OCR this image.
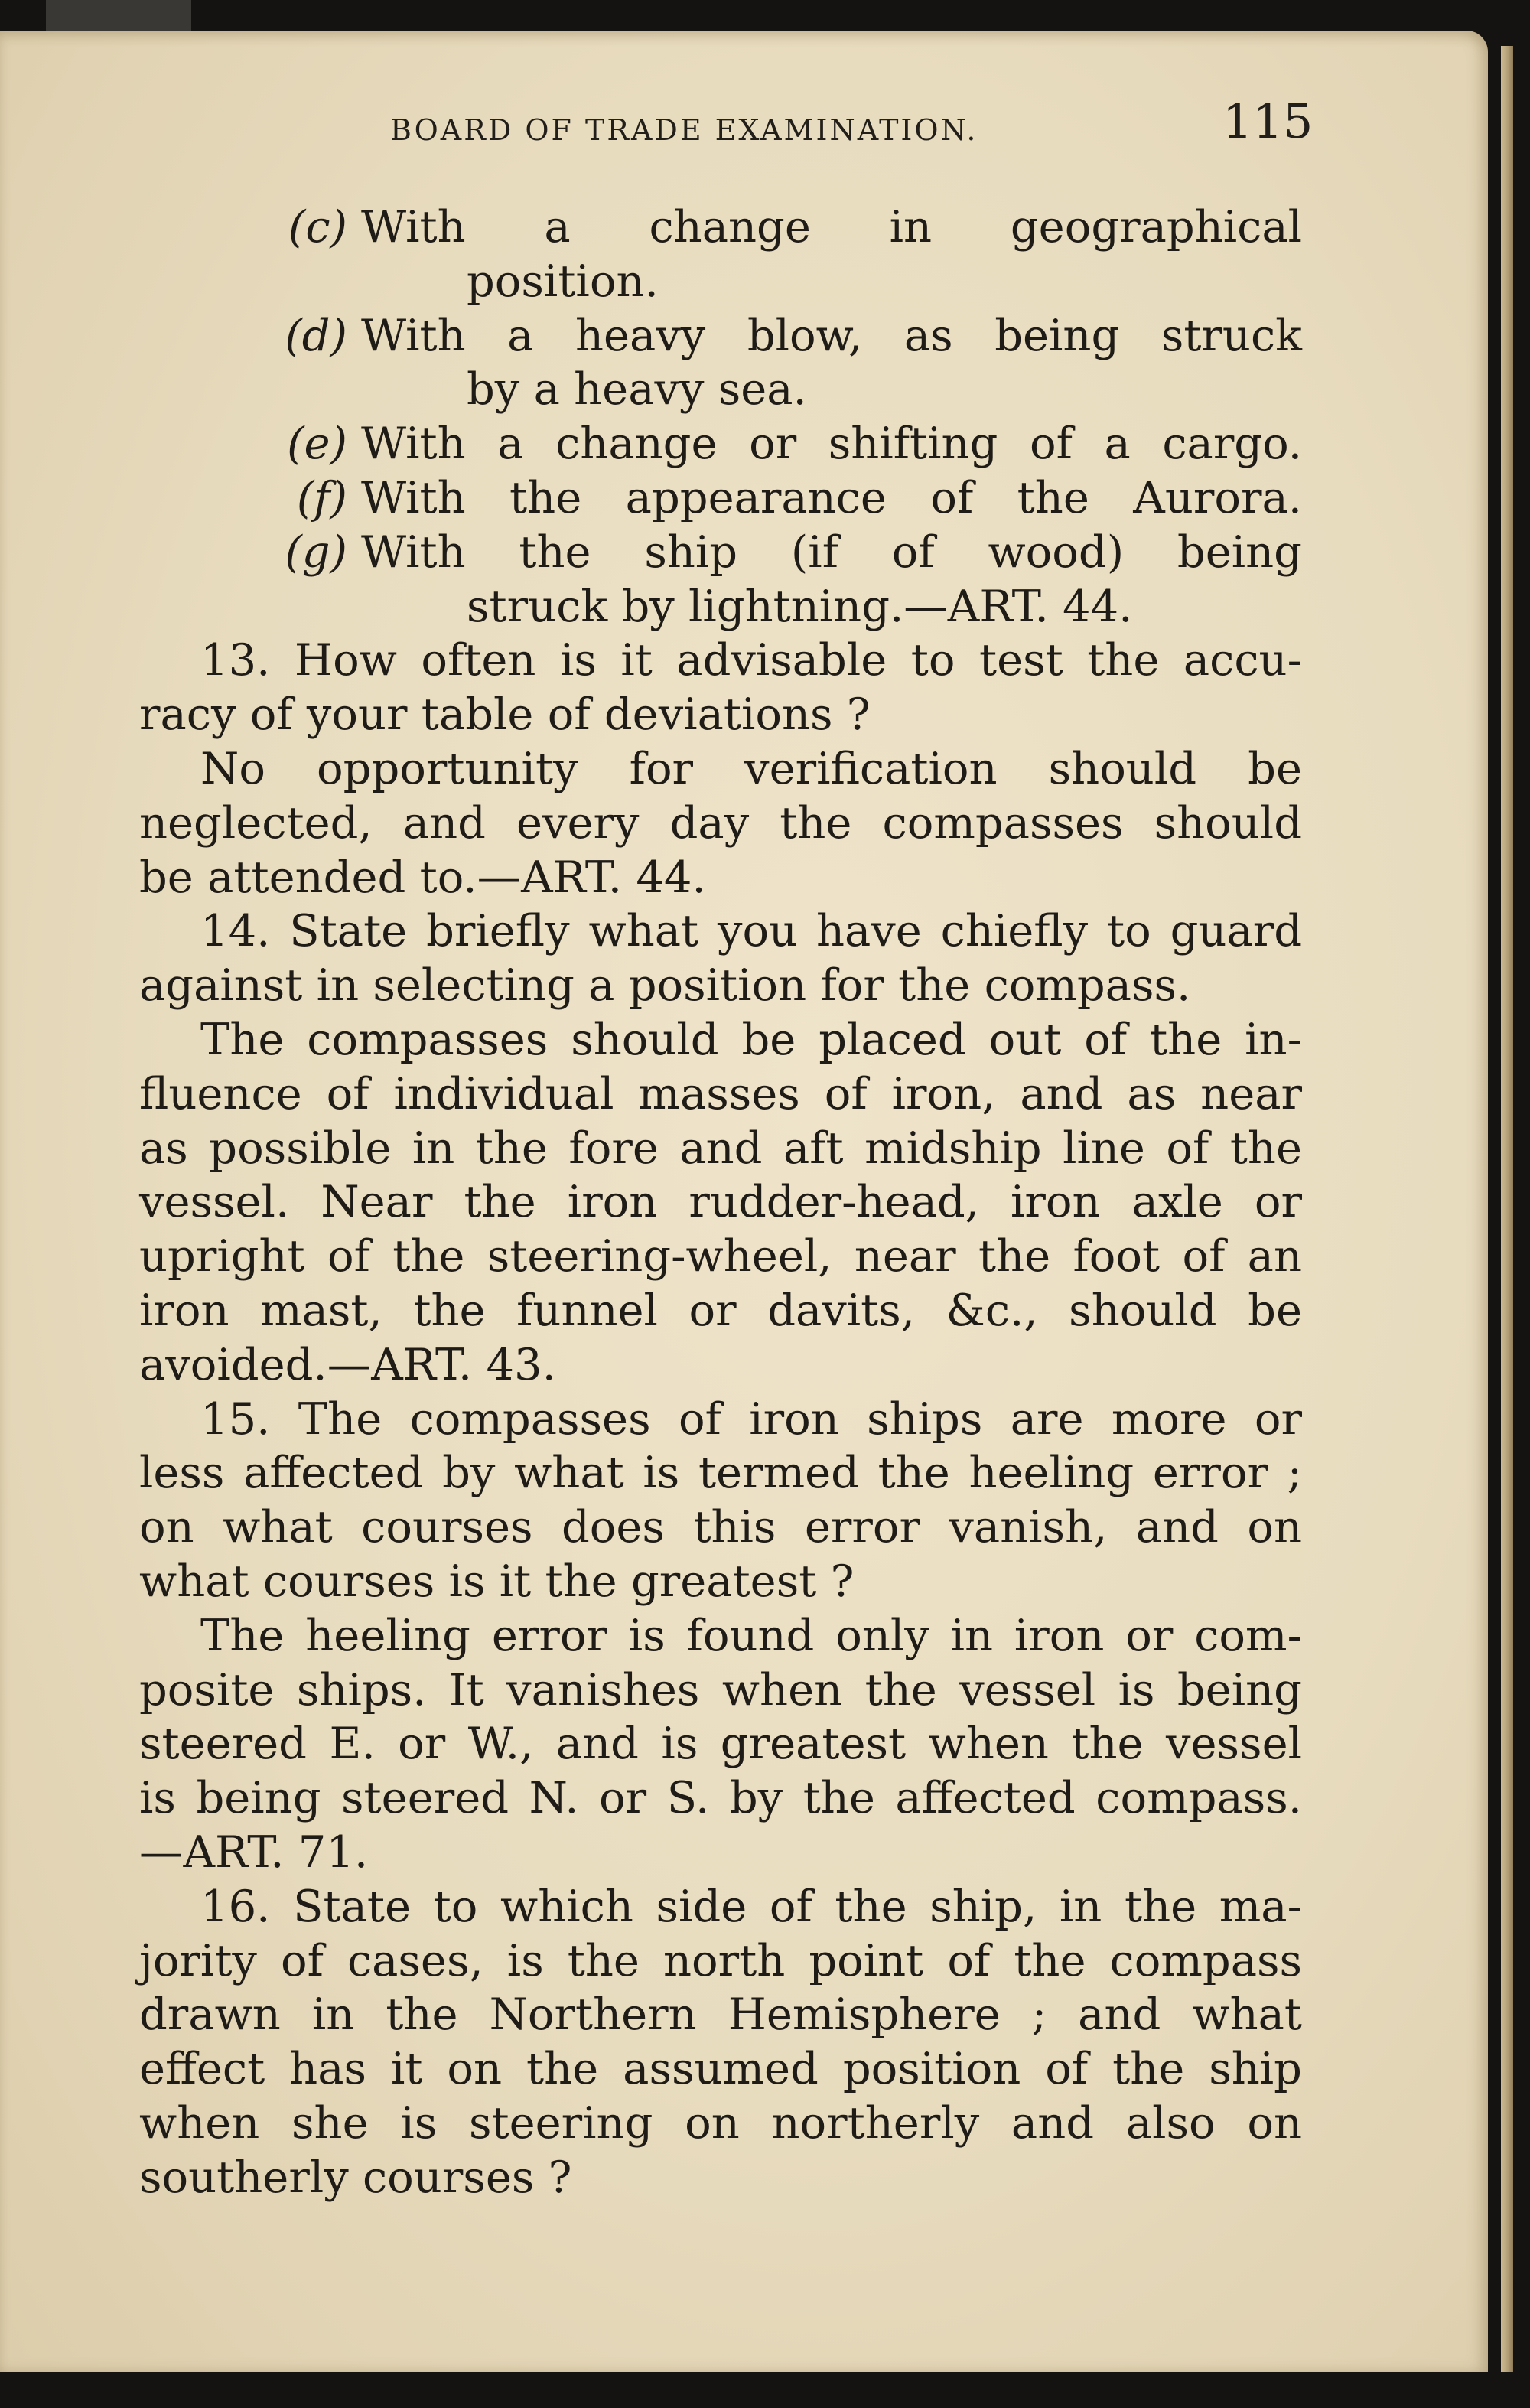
BOARD OF TRADE EXAMINATION.	115
(c) With a change in geographical
position.
(d) With a heavy blow, as being struck
by a heavy sea.
(e) With a change or shifting of a cargo.
(f) With the appearance of the Aurora.
(g) With the ship (if of wood) being
struck by lightning.—ART. 44.
13. How often is it advisable to test the accu-
racy of your table of deviations ?
No opportunity for verification should be
neglected, and every day the compasses should
be attended to.—ART. 44.
14. State briefly what you have chiefly to guard
against in selecting a position for the compass.
The compasses should be placed out of the in-
fluence of individual masses of iron, and as near
as possible in the fore and aft midship line of the
vessel. Near the iron rudder-head, iron axle or
upright of the steering-wheel, near the foot of an
iron mast, the funnel or davits, &c., should be
avoided.—ART. 43.
15. The compasses of iron ships are more or
less affected by what is termed the heeling error ;
on what courses does this error vanish, and on
what courses is it the greatest ?
The heeling error is found only in iron or com-
posite ships. It vanishes when the vessel is being
steered E. or W., and is greatest when the vessel
is being steered N. or S. by the affected compass.
—ART. 71.
16. State to which side of the ship, in the ma-
jority of cases, is the north point of the compass
drawn in the Northern Hemisphere ; and what
effect has it on the assumed position of the ship
when she is steering on northerly and also on
southerly courses ?
